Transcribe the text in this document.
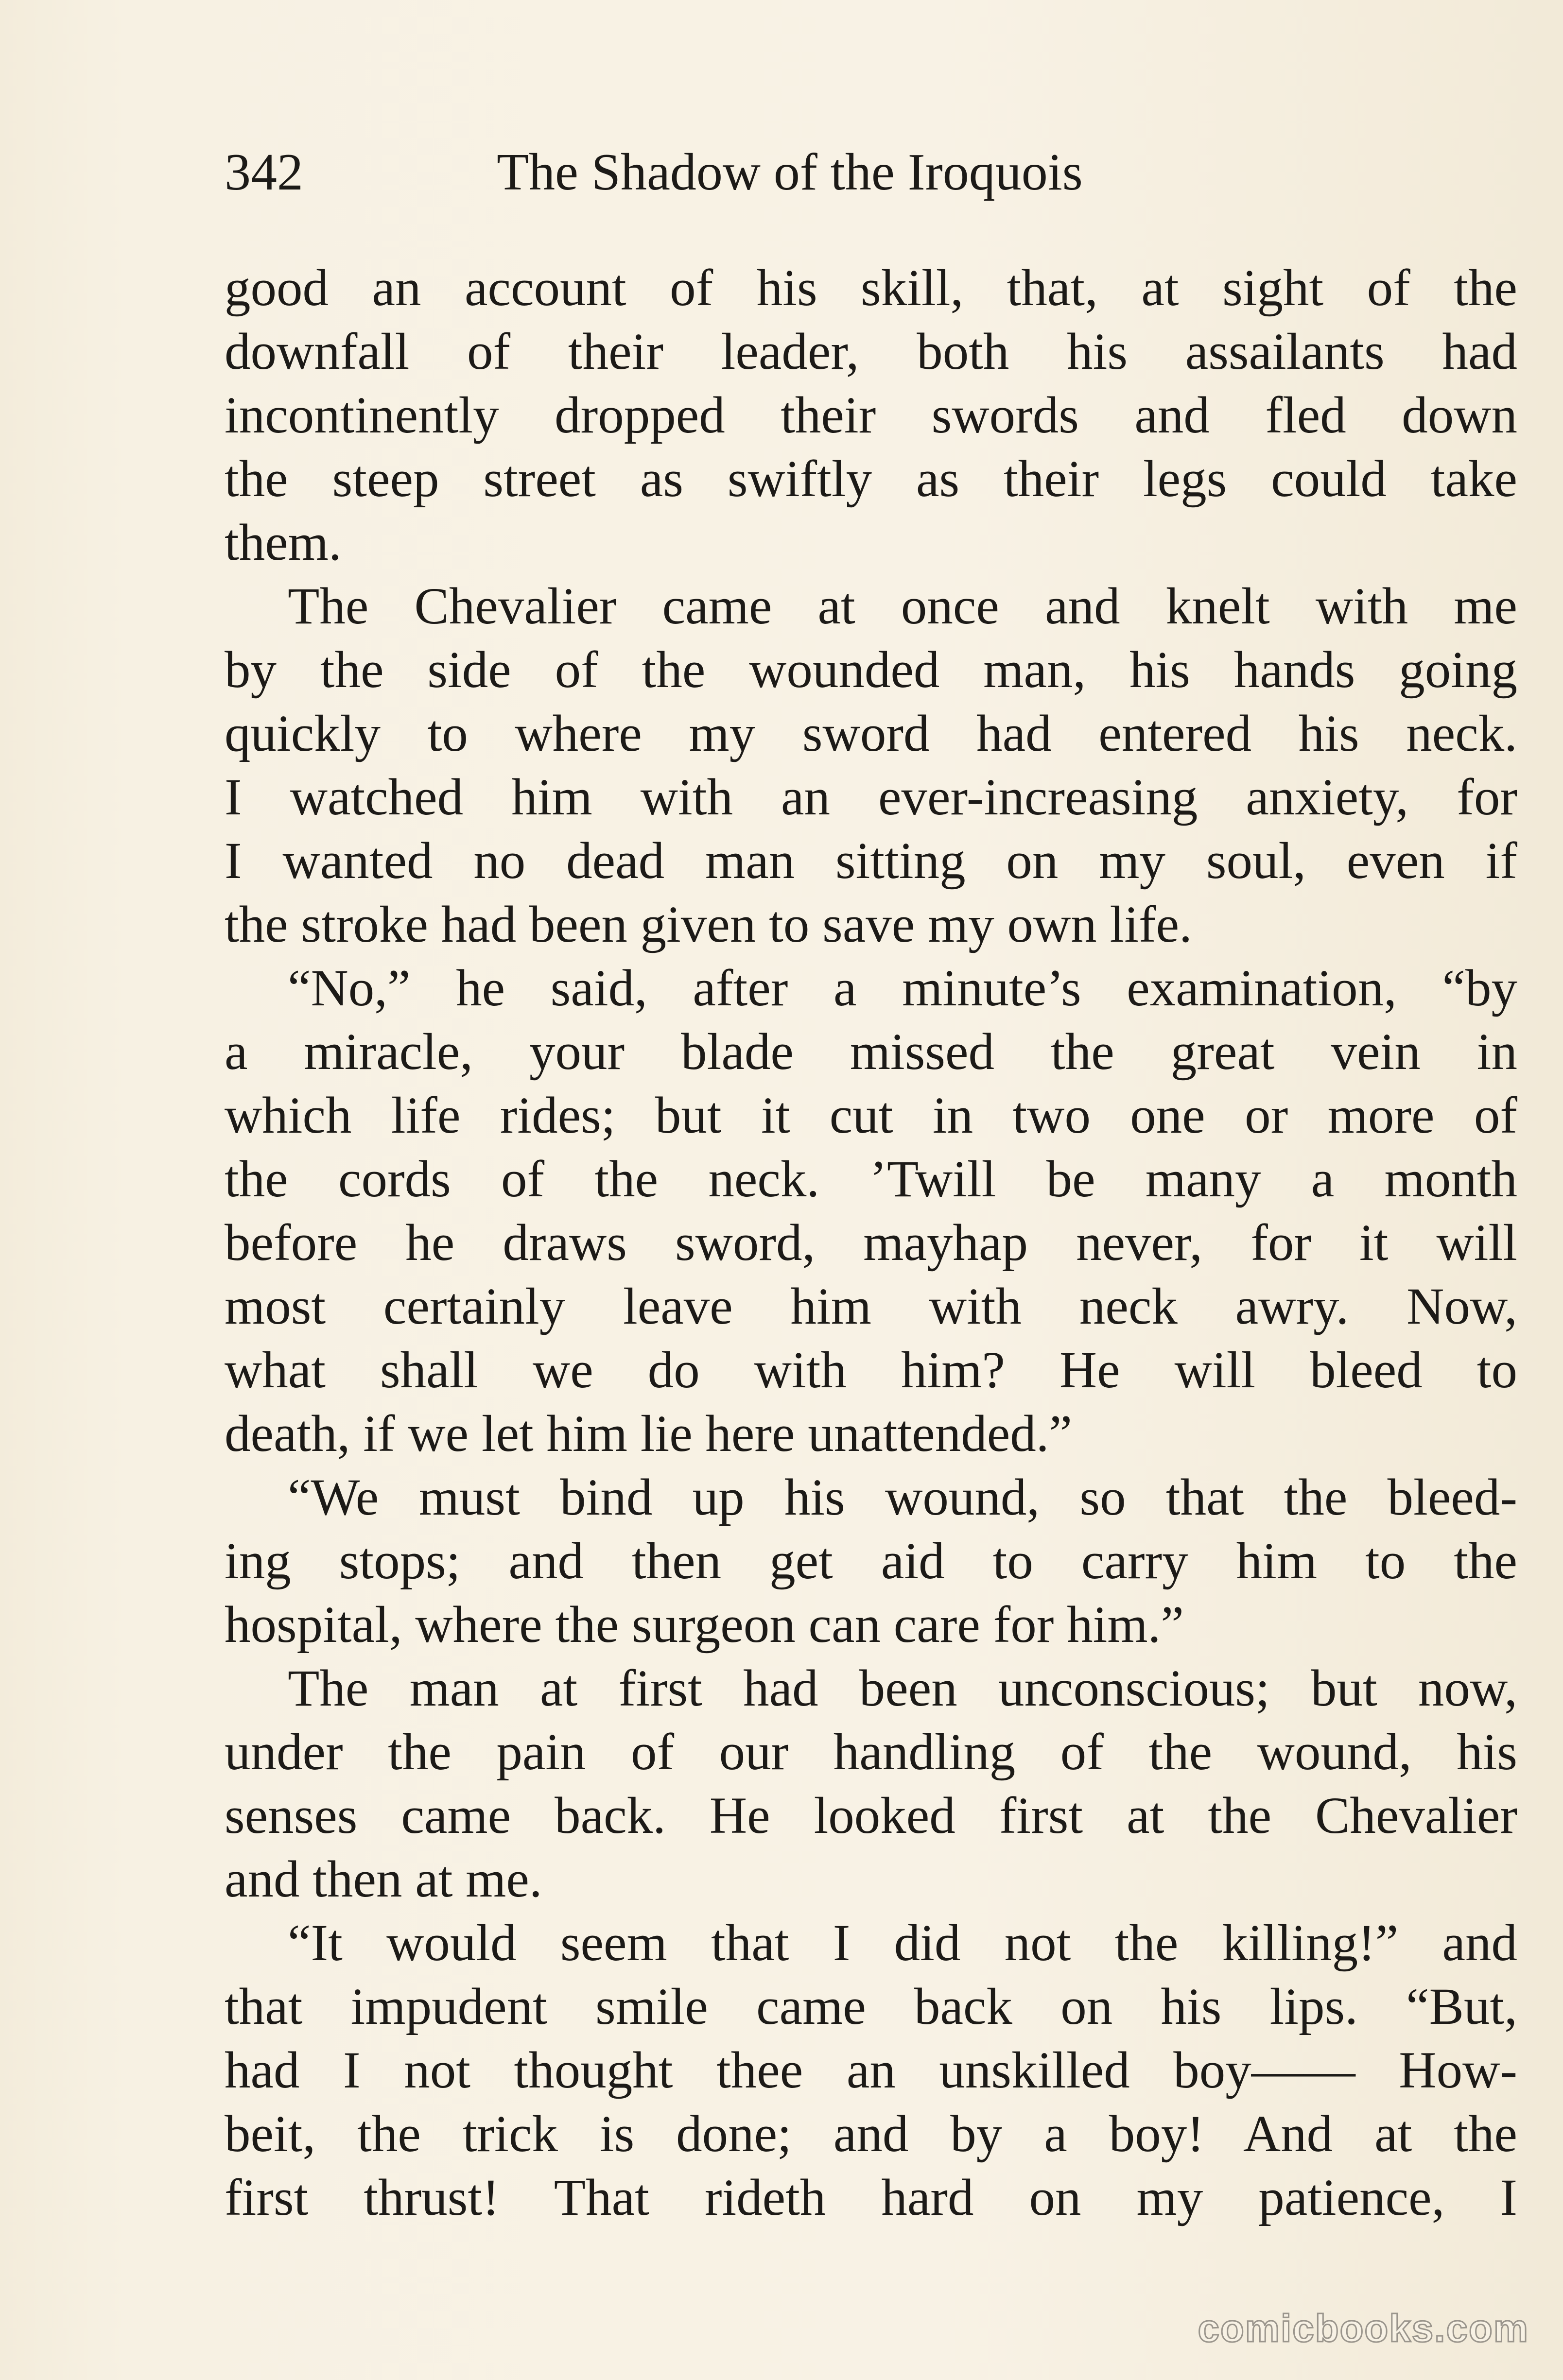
342	The Shadow of the Iroquois
good an account of his skill, that, at sight of the
downfall of their leader, both his assailants had
incontinently dropped their swords and fled down
the steep street as swiftly as their legs could take
them.
The Chevalier came at once and knelt with me
by the side of the wounded man, his hands going
quickly to where my sword had entered his neck.
I watched him with an ever-increasing anxiety, for
I wanted no dead man sitting on my soul, even if
the stroke had been given to save my own life.
“No,” he said, after a minute’s examination, “by
a miracle, your blade missed the great vein in
which life rides; but it cut in two one or more of
the cords of the neck. ’Twill be many a month
before he draws sword, mayhap never, for it will
most certainly leave him with neck awry. Now,
what shall we do with him? He will bleed to
death, if we let him lie here unattended.”
“We must bind up his wound, so that the bleed-
ing stops; and then get aid to carry him to the
hospital, where the surgeon can care for him.”
The man at first had been unconscious; but now,
under the pain of our handling of the wound, his
senses came back. He looked first at the Chevalier
and then at me.
“It would seem that I did not the killing!” and
that impudent smile came back on his lips. “But,
had I not thought thee an unskilled boy—— How-
beit, the trick is done; and by a boy! And at the
first thrust! That rideth hard on my patience, I
comicbooks.com
